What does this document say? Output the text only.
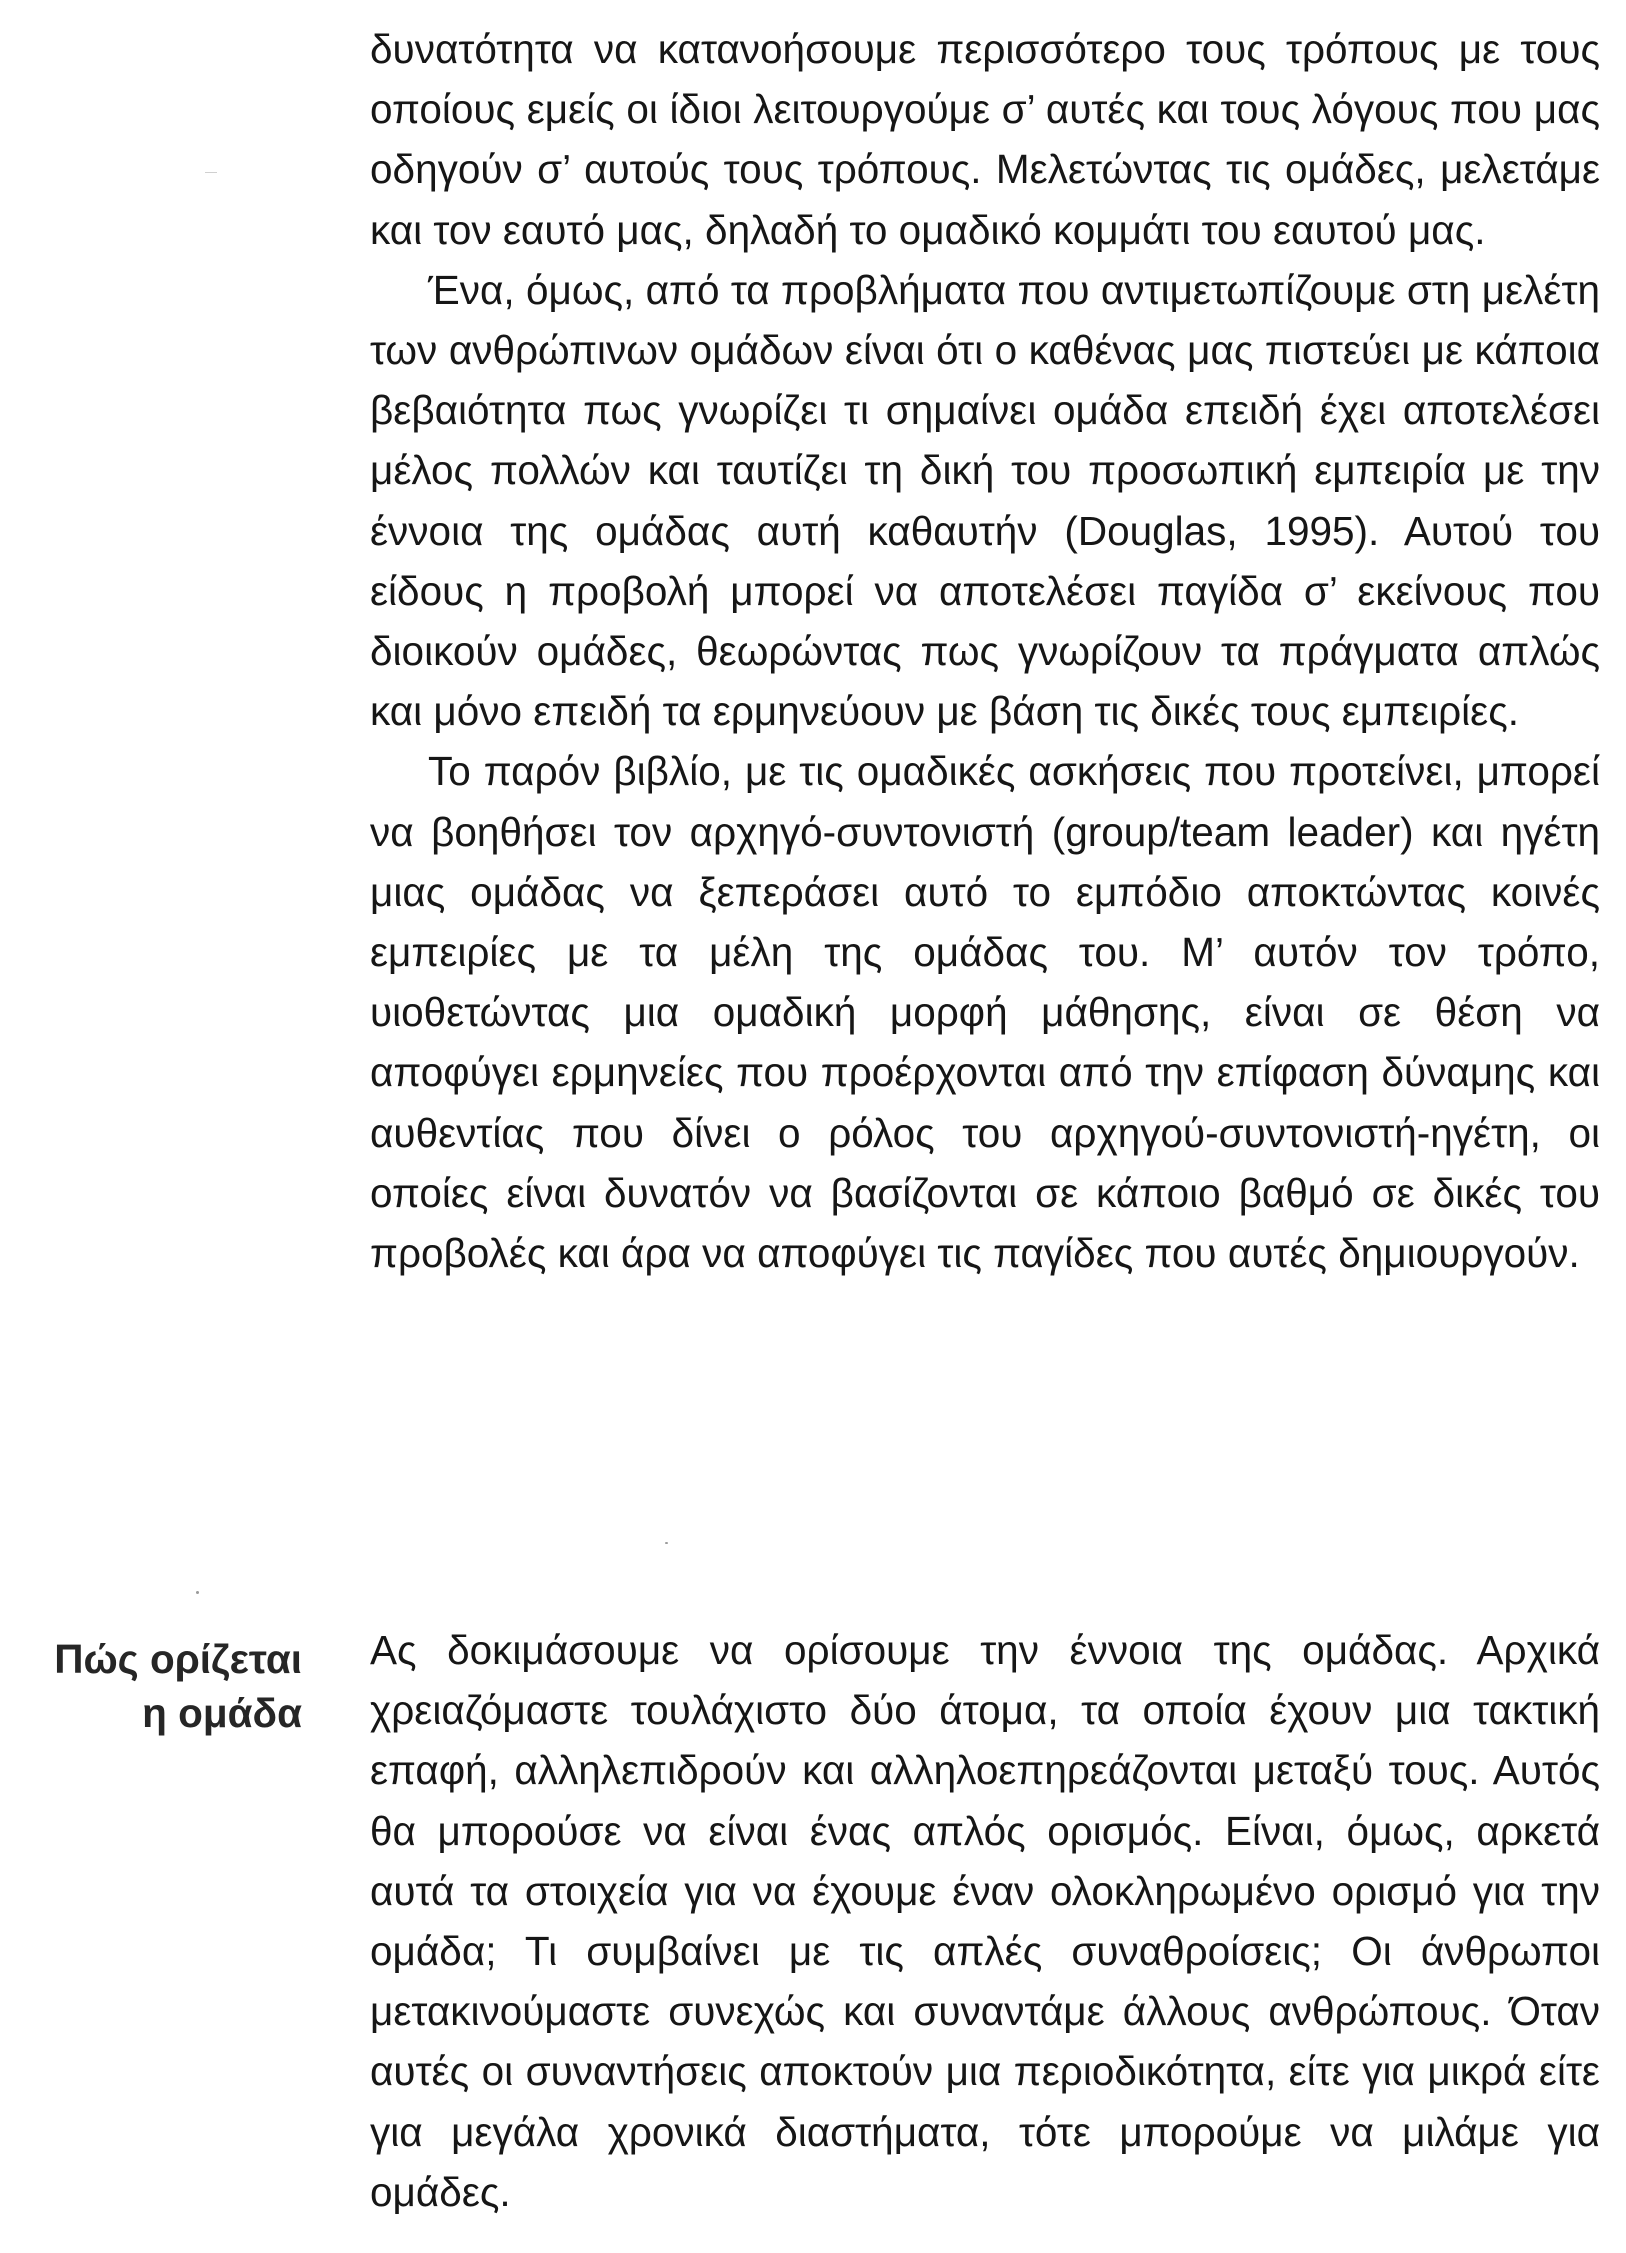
δυνατότητα να κατανοήσουμε περισσότερο τους τρόπους με τους οποίους εμείς οι ίδιοι λειτουργούμε σ’ αυτές και τους λόγους που μας οδηγούν σ’ αυτούς τους τρόπους. Μελετώντας τις ομάδες, μελετάμε και τον εαυτό μας, δηλαδή το ομαδικό κομμάτι του εαυτού μας.

Ένα, όμως, από τα προβλήματα που αντιμετωπίζουμε στη μελέτη των ανθρώπινων ομάδων είναι ότι ο καθένας μας πιστεύει με κάποια βεβαιότητα πως γνωρίζει τι σημαίνει ομάδα επειδή έχει αποτελέσει μέλος πολλών και ταυτίζει τη δική του προσωπική εμπειρία με την έννοια της ομάδας αυτή καθαυτήν (Douglas, 1995). Αυτού του είδους η προβολή μπορεί να αποτελέσει παγίδα σ’ εκείνους που διοικούν ομάδες, θεωρώντας πως γνωρίζουν τα πράγματα απλώς και μόνο επειδή τα ερμηνεύουν με βάση τις δικές τους εμπειρίες.

Το παρόν βιβλίο, με τις ομαδικές ασκήσεις που προτείνει, μπορεί να βοηθήσει τον αρχηγό-συντονιστή (group/team leader) και ηγέτη μιας ομάδας να ξεπεράσει αυτό το εμπόδιο αποκτώντας κοινές εμπειρίες με τα μέλη της ομάδας του. Μ’ αυτόν τον τρόπο, υιοθετώντας μια ομαδική μορφή μάθησης, είναι σε θέση να αποφύγει ερμηνείες που προέρχονται από την επίφαση δύναμης και αυθεντίας που δίνει ο ρόλος του αρχηγού-συντονιστή-ηγέτη, οι οποίες είναι δυνατόν να βασίζονται σε κάποιο βαθμό σε δικές του προβολές και άρα να αποφύγει τις παγίδες που αυτές δημιουργούν.

Πώς ορίζεται
η ομάδα

Ας δοκιμάσουμε να ορίσουμε την έννοια της ομάδας. Αρχικά χρειαζόμαστε τουλάχιστο δύο άτομα, τα οποία έχουν μια τακτική επαφή, αλληλεπιδρούν και αλληλοεπηρεάζονται μεταξύ τους. Αυτός θα μπορούσε να είναι ένας απλός ορισμός. Είναι, όμως, αρκετά αυτά τα στοιχεία για να έχουμε έναν ολοκληρωμένο ορισμό για την ομάδα; Τι συμβαίνει με τις απλές συναθροίσεις; Οι άνθρωποι μετακινούμαστε συνεχώς και συναντάμε άλλους ανθρώπους. Όταν αυτές οι συναντήσεις αποκτούν μια περιοδικότητα, είτε για μικρά είτε για μεγάλα χρονικά διαστήματα, τότε μπορούμε να μιλάμε για ομάδες.
